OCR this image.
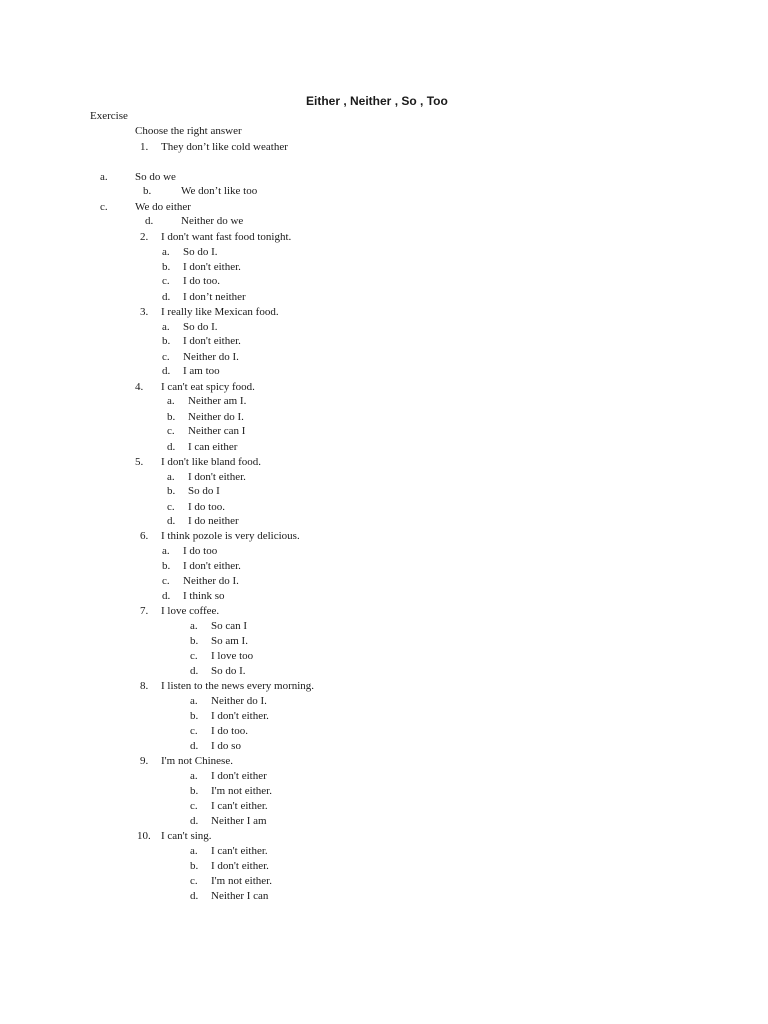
Either , Neither , So , Too
Exercise
Choose the right answer
1. They don’t like cold weather
a. So do we
b.	We don’t like too
c. We do either
d.	Neither do we
2. I don't want fast food tonight.
a. So do I.
b. I don't either.
c. I do too.
d. I don’t neither
3. I really like Mexican food.
a. So do I.
b. I don't either.
c. Neither do I.
d. I am too
4. I can't eat spicy food.
a. Neither am I.
b. Neither do I.
c. Neither can I
d. I can either
5. I don't like bland food.
a. I don't either.
b. So do I
c. I do too.
d. I do neither
6. I think pozole is very delicious.
a. I do too
b. I don't either.
c. Neither do I.
d. I think so
7. I love coffee.
a. So can I
b. So am I.
c. I love too
d. So do I.
8. I listen to the news every morning.
a. Neither do I.
b. I don't either.
c. I do too.
d. I do so
9. I'm not Chinese.
a. I don't either
b. I'm not either.
c. I can't either.
d. Neither I am
10. I can't sing.
a. I can't either.
b. I don't either.
c. I'm not either.
d. Neither I can
